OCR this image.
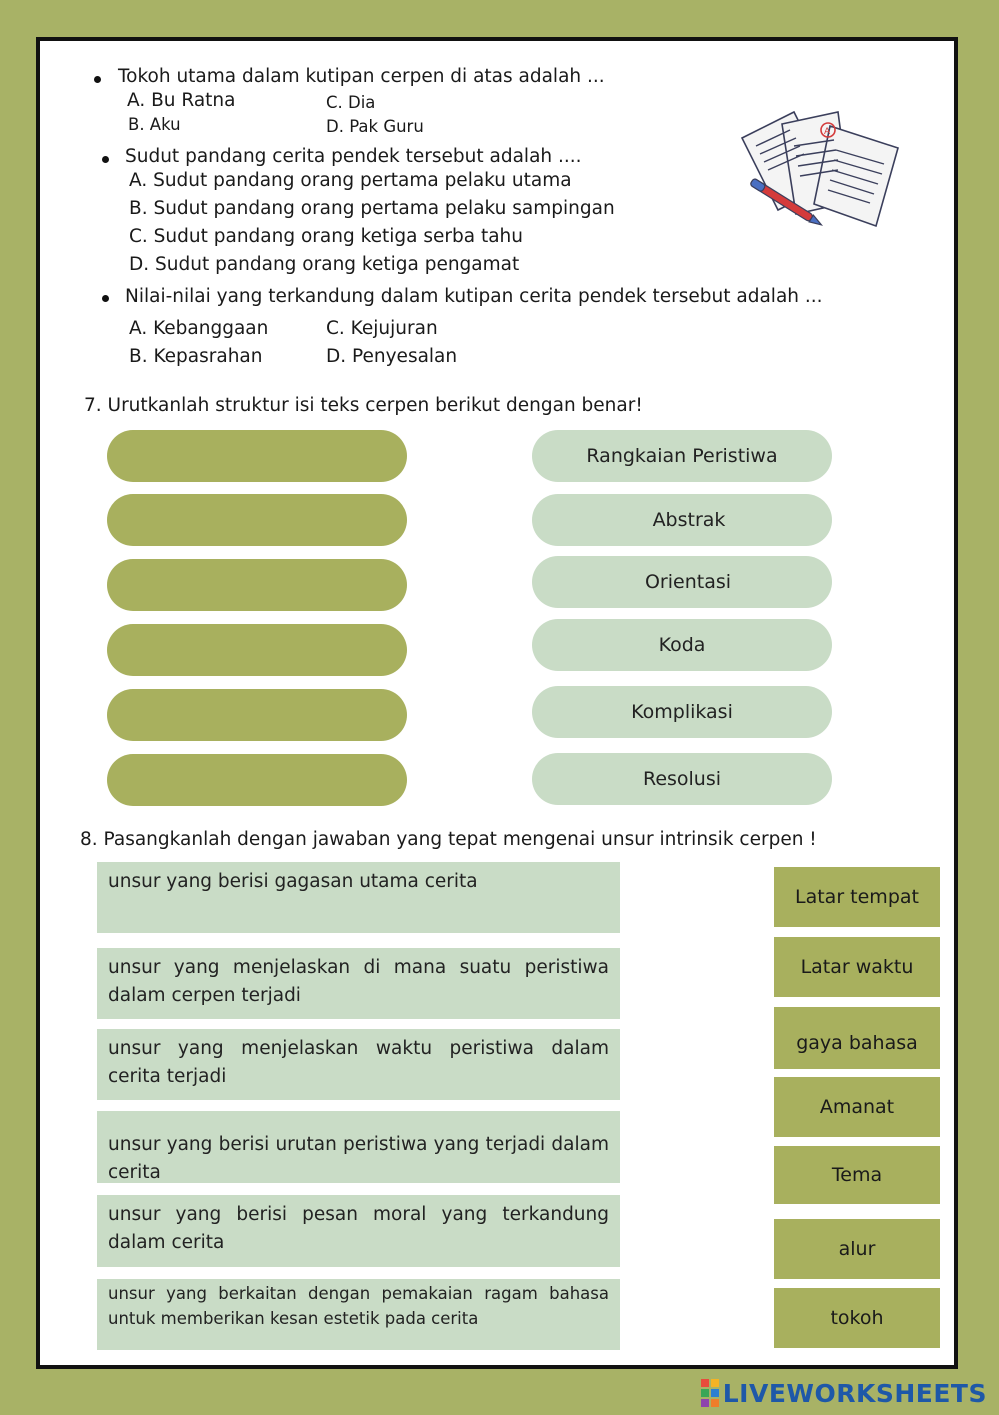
Tokoh utama dalam kutipan cerpen di atas adalah ...
A. Bu Ratna	C. Dia
B. Aku	D. Pak Guru
Sudut pandang cerita pendek tersebut adalah ....
A. Sudut pandang orang pertama pelaku utama
B. Sudut pandang orang pertama pelaku sampingan
C. Sudut pandang orang ketiga serba tahu
D. Sudut pandang orang ketiga pengamat
Nilai-nilai yang terkandung dalam kutipan cerita pendek tersebut adalah ...
A. Kebanggaan	C. Kejujuran
B. Kepasrahan	D. Penyesalan
A
7. Urutkanlah struktur isi teks cerpen berikut dengan benar!
Rangkaian Peristiwa
Abstrak
Orientasi
Koda
Komplikasi
Resolusi
8. Pasangkanlah dengan jawaban yang tepat mengenai unsur intrinsik cerpen !
unsur yang berisi gagasan utama cerita
unsur yang menjelaskan di mana suatu peristiwa dalam cerpen terjadi
unsur yang menjelaskan waktu peristiwa dalam cerita terjadi
unsur yang berisi urutan peristiwa yang terjadi dalam cerita
unsur yang berisi pesan moral yang terkandung dalam cerita
unsur yang berkaitan dengan pemakaian ragam bahasa untuk memberikan kesan estetik pada cerita
Latar tempat
Latar waktu
gaya bahasa
Amanat
Tema
alur
tokoh
LIVEWORKSHEETS
